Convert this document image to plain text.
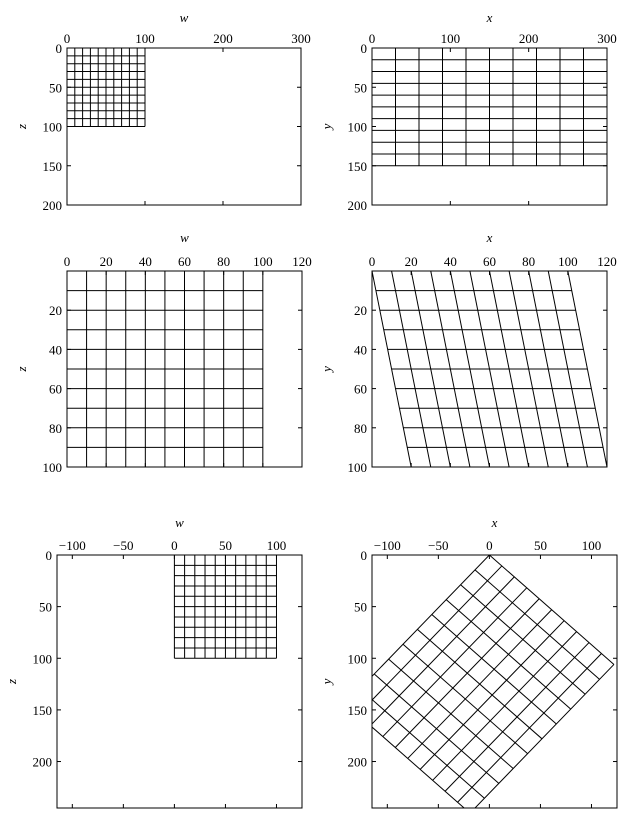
0	100	200	300
0
50
100
150
200
w
z
0	100	200	300
0
50
100
150
200
x
y
0 20 40 60 80 100 120
20
40
60
80
100
w
z
0 20 40 60 80 100 120
20
40
60
80
100
x
y
−100 −50	0	50	100
0
50
100
150
200
w
z
−100 −50	0	50	100
0
50
100
150
200
x
y
